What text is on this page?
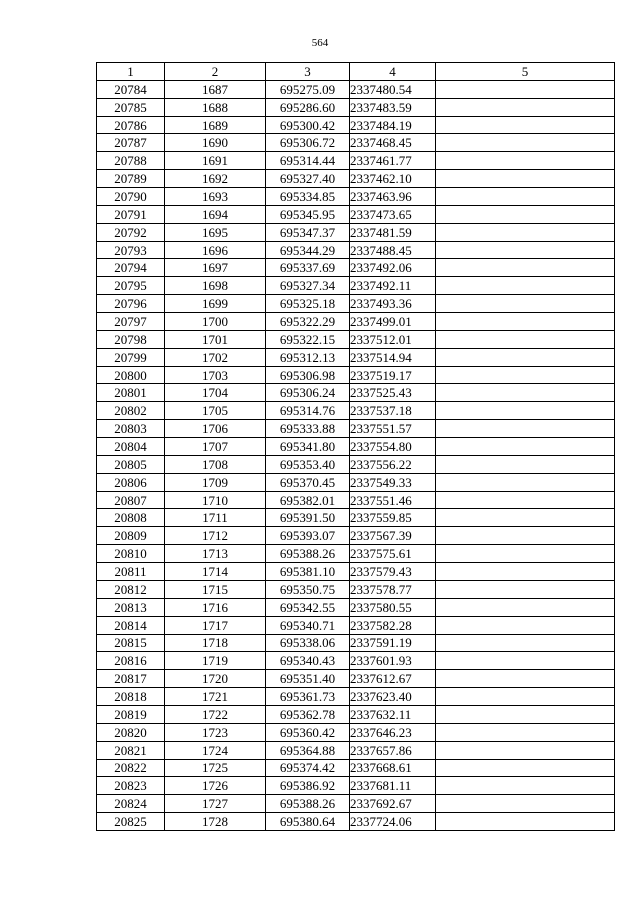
564
1	2	3	4	5
20784	1687	695275.09	2337480.54	
20785	1688	695286.60	2337483.59	
20786	1689	695300.42	2337484.19	
20787	1690	695306.72	2337468.45	
20788	1691	695314.44	2337461.77	
20789	1692	695327.40	2337462.10	
20790	1693	695334.85	2337463.96	
20791	1694	695345.95	2337473.65	
20792	1695	695347.37	2337481.59	
20793	1696	695344.29	2337488.45	
20794	1697	695337.69	2337492.06	
20795	1698	695327.34	2337492.11	
20796	1699	695325.18	2337493.36	
20797	1700	695322.29	2337499.01	
20798	1701	695322.15	2337512.01	
20799	1702	695312.13	2337514.94	
20800	1703	695306.98	2337519.17	
20801	1704	695306.24	2337525.43	
20802	1705	695314.76	2337537.18	
20803	1706	695333.88	2337551.57	
20804	1707	695341.80	2337554.80	
20805	1708	695353.40	2337556.22	
20806	1709	695370.45	2337549.33	
20807	1710	695382.01	2337551.46	
20808	1711	695391.50	2337559.85	
20809	1712	695393.07	2337567.39	
20810	1713	695388.26	2337575.61	
20811	1714	695381.10	2337579.43	
20812	1715	695350.75	2337578.77	
20813	1716	695342.55	2337580.55	
20814	1717	695340.71	2337582.28	
20815	1718	695338.06	2337591.19	
20816	1719	695340.43	2337601.93	
20817	1720	695351.40	2337612.67	
20818	1721	695361.73	2337623.40	
20819	1722	695362.78	2337632.11	
20820	1723	695360.42	2337646.23	
20821	1724	695364.88	2337657.86	
20822	1725	695374.42	2337668.61	
20823	1726	695386.92	2337681.11	
20824	1727	695388.26	2337692.67	
20825	1728	695380.64	2337724.06	
